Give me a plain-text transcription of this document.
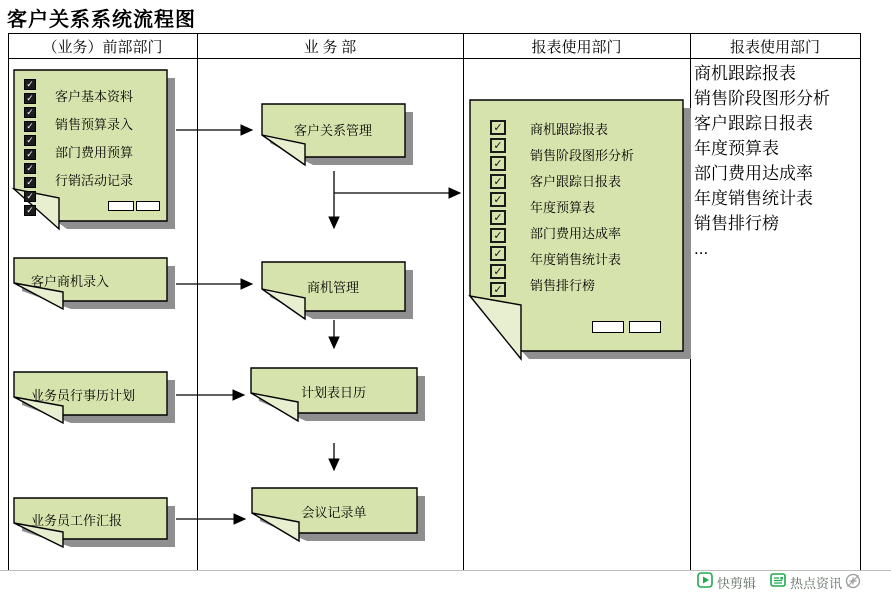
客户关系系统流程图
（业务）前部部门	业 务 部	报表使用部门	报表使用部门
✓
✓
✓
✓
✓
✓
✓
✓
✓
✓
客户基本资料
销售预算录入
部门费用预算
行销活动记录
客户商机录入
业务员行事历计划
业务员工作汇报
客户关系管理
商机管理
计划表日历
会议记录单
✓
✓
✓
✓
✓
✓
✓
✓
✓
✓
商机跟踪报表
销售阶段图形分析
客户跟踪日报表
年度预算表
部门费用达成率
年度销售统计表
销售排行榜
商机跟踪报表
销售阶段图形分析
客户跟踪日报表
年度预算表
部门费用达成率
年度销售统计表
销售排行榜
...
快剪辑	热点资讯
